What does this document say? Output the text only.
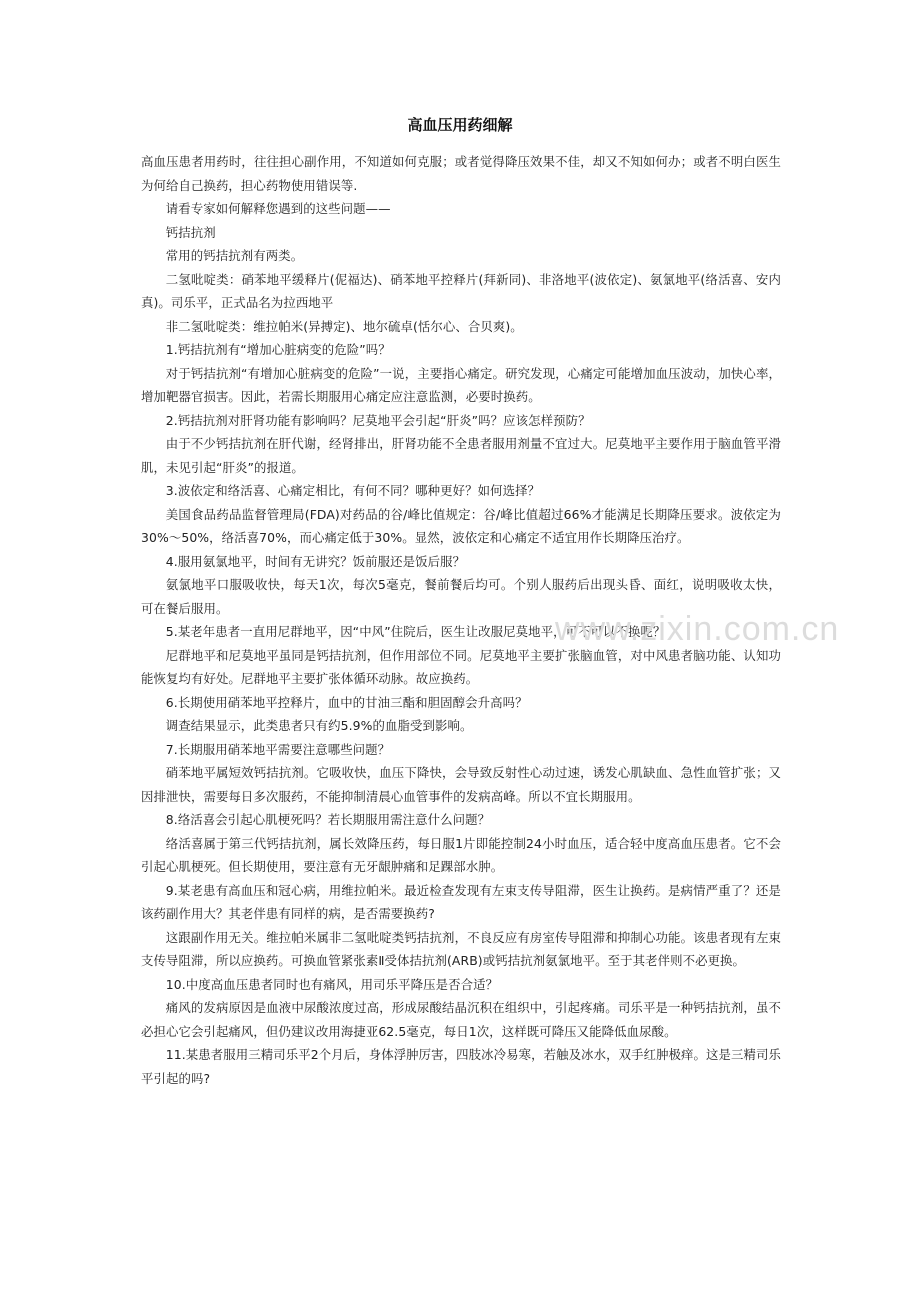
高血压用药细解

高血压患者用药时，往往担心副作用，不知道如何克服；或者觉得降压效果不佳，却又不知如何办；或者不明白医生为何给自己换药，担心药物使用错误等.

请看专家如何解释您遇到的这些问题——

钙拮抗剂

常用的钙拮抗剂有两类。

二氢吡啶类：硝苯地平缓释片(伲福达)、硝苯地平控释片(拜新同)、非洛地平(波依定)、氨氯地平(络活喜、安内真)。司乐平，正式品名为拉西地平

非二氢吡啶类：维拉帕米(异搏定)、地尔硫卓(恬尔心、合贝爽)。

1.钙拮抗剂有“增加心脏病变的危险”吗？

对于钙拮抗剂“有增加心脏病变的危险”一说，主要指心痛定。研究发现，心痛定可能增加血压波动，加快心率，增加靶器官损害。因此，若需长期服用心痛定应注意监测，必要时换药。

2.钙拮抗剂对肝肾功能有影响吗？尼莫地平会引起“肝炎”吗？应该怎样预防？

由于不少钙拮抗剂在肝代谢，经肾排出，肝肾功能不全患者服用剂量不宜过大。尼莫地平主要作用于脑血管平滑肌，未见引起“肝炎”的报道。

3.波依定和络活喜、心痛定相比，有何不同？哪种更好？如何选择？

美国食品药品监督管理局(FDA)对药品的谷/峰比值规定：谷/峰比值超过66%才能满足长期降压要求。波依定为30%～50%，络活喜70%，而心痛定低于30%。显然，波依定和心痛定不适宜用作长期降压治疗。

4.服用氨氯地平，时间有无讲究？饭前服还是饭后服？

氨氯地平口服吸收快，每天1次，每次5毫克，餐前餐后均可。个别人服药后出现头昏、面红，说明吸收太快，可在餐后服用。

5.某老年患者一直用尼群地平，因“中风”住院后，医生让改服尼莫地平，可不可以不换呢？

尼群地平和尼莫地平虽同是钙拮抗剂，但作用部位不同。尼莫地平主要扩张脑血管，对中风患者脑功能、认知功能恢复均有好处。尼群地平主要扩张体循环动脉。故应换药。

6.长期使用硝苯地平控释片，血中的甘油三酯和胆固醇会升高吗？

调查结果显示，此类患者只有约5.9%的血脂受到影响。

7.长期服用硝苯地平需要注意哪些问题？

硝苯地平属短效钙拮抗剂。它吸收快，血压下降快，会导致反射性心动过速，诱发心肌缺血、急性血管扩张；又因排泄快，需要每日多次服药，不能抑制清晨心血管事件的发病高峰。所以不宜长期服用。

8.络活喜会引起心肌梗死吗？若长期服用需注意什么问题？

络活喜属于第三代钙拮抗剂，属长效降压药，每日服1片即能控制24小时血压，适合轻中度高血压患者。它不会引起心肌梗死。但长期使用，要注意有无牙龈肿痛和足踝部水肿。

9.某老患有高血压和冠心病，用维拉帕米。最近检查发现有左束支传导阻滞，医生让换药。是病情严重了？还是该药副作用大？其老伴患有同样的病，是否需要换药?

这跟副作用无关。维拉帕米属非二氢吡啶类钙拮抗剂，不良反应有房室传导阻滞和抑制心功能。该患者现有左束支传导阻滞，所以应换药。可换血管紧张素Ⅱ受体拮抗剂(ARB)或钙拮抗剂氨氯地平。至于其老伴则不必更换。

10.中度高血压患者同时也有痛风，用司乐平降压是否合适？

痛风的发病原因是血液中尿酸浓度过高，形成尿酸结晶沉积在组织中，引起疼痛。司乐平是一种钙拮抗剂，虽不必担心它会引起痛风，但仍建议改用海捷亚62.5毫克，每日1次，这样既可降压又能降低血尿酸。

11.某患者服用三精司乐平2个月后，身体浮肿厉害，四肢冰冷易寒，若触及冰水，双手红肿极痒。这是三精司乐平引起的吗?

www.zixin.com.cn
